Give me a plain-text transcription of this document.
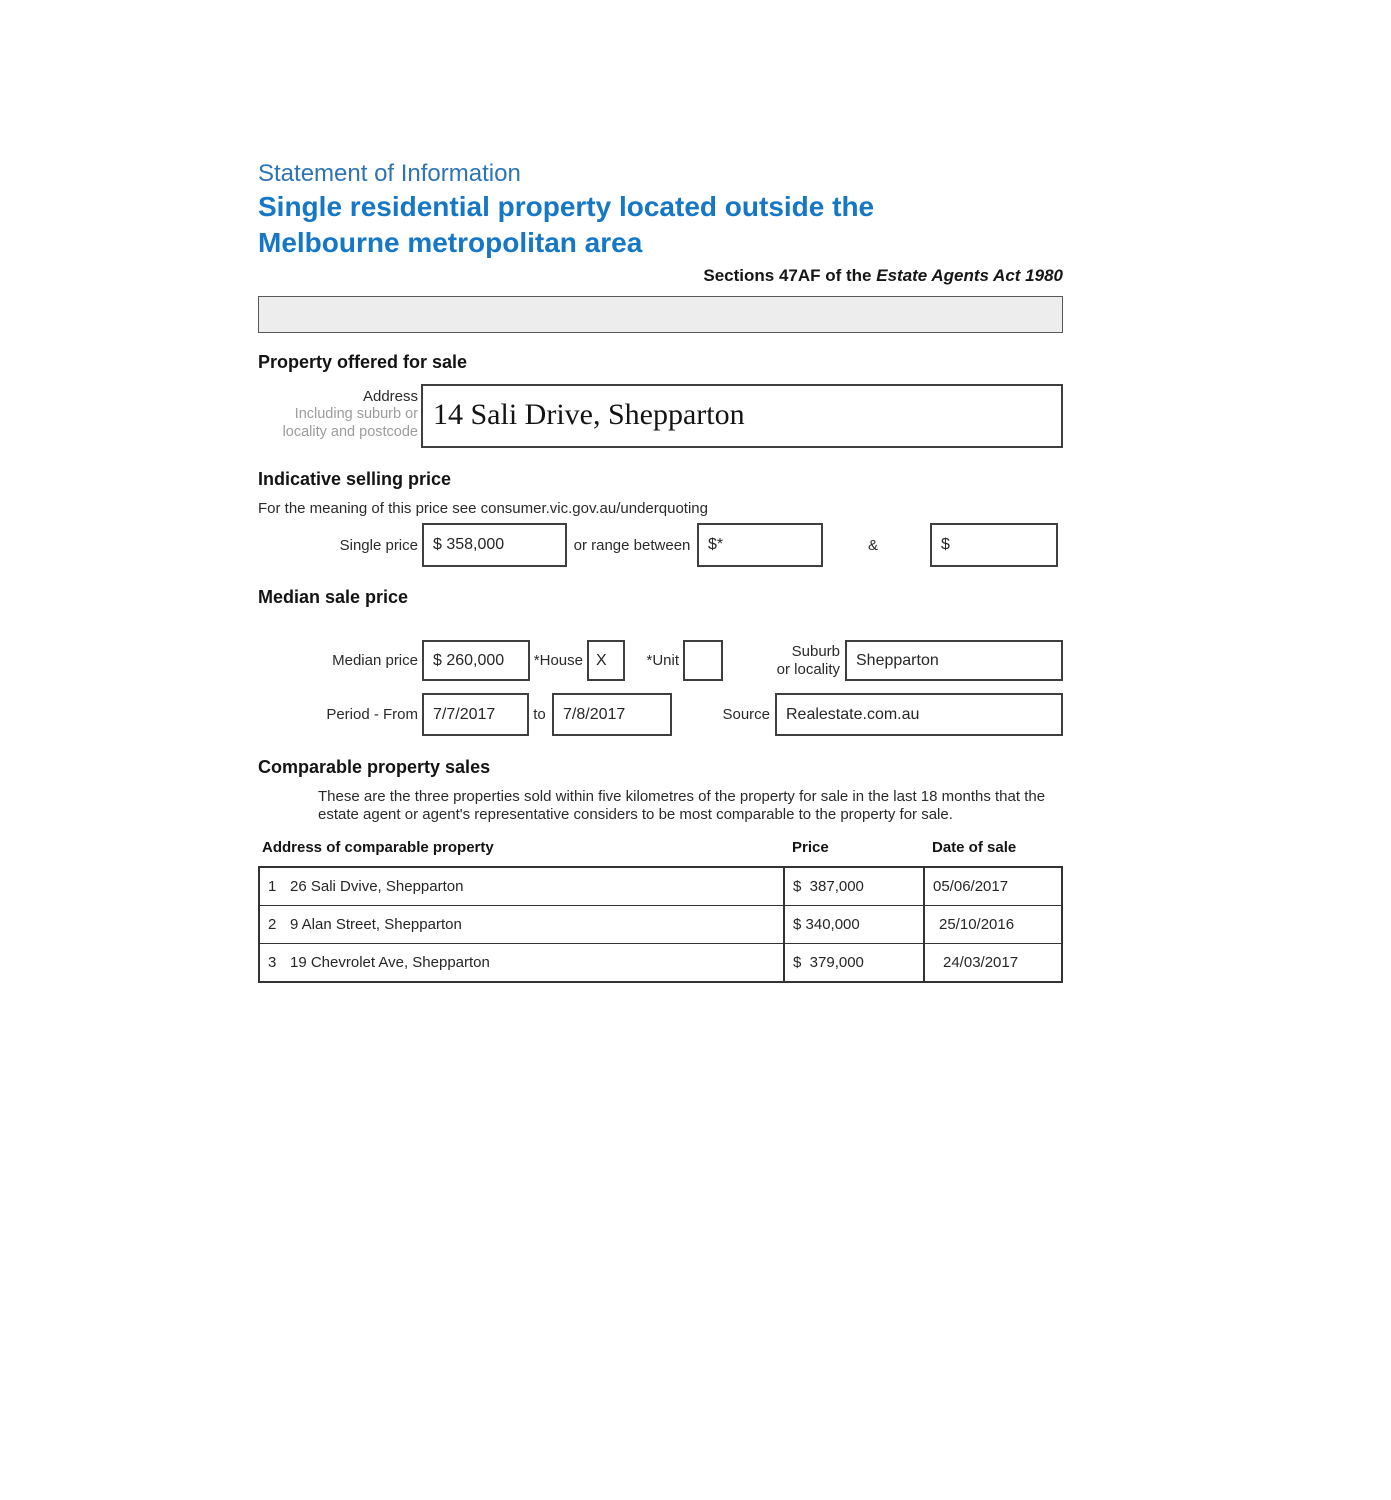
Statement of Information
Single residential property located outside the Melbourne metropolitan area
Sections 47AF of the Estate Agents Act 1980
Property offered for sale
Address
Including suburb or
locality and postcode
14 Sali Drive, Shepparton
Indicative selling price
For the meaning of this price see consumer.vic.gov.au/underquoting
Single price $ 358,000	or range between	$*	&	$
Median sale price
Median price $ 260,000	*House X	*Unit
Suburb
or locality
Shepparton
Period - From 7/7/2017	to	7/8/2017	Source	Realestate.com.au
Comparable property sales
These are the three properties sold within five kilometres of the property for sale in the last 18 months that the estate agent or agent's representative considers to be most comparable to the property for sale.
Address of comparable property	Price	Date of sale
1 26 Sali Dvive, Shepparton	$  387,000	05/06/2017
2 9 Alan Street, Shepparton	$ 340,000	25/10/2016
3 19 Chevrolet Ave, Shepparton	$  379,000	24/03/2017
